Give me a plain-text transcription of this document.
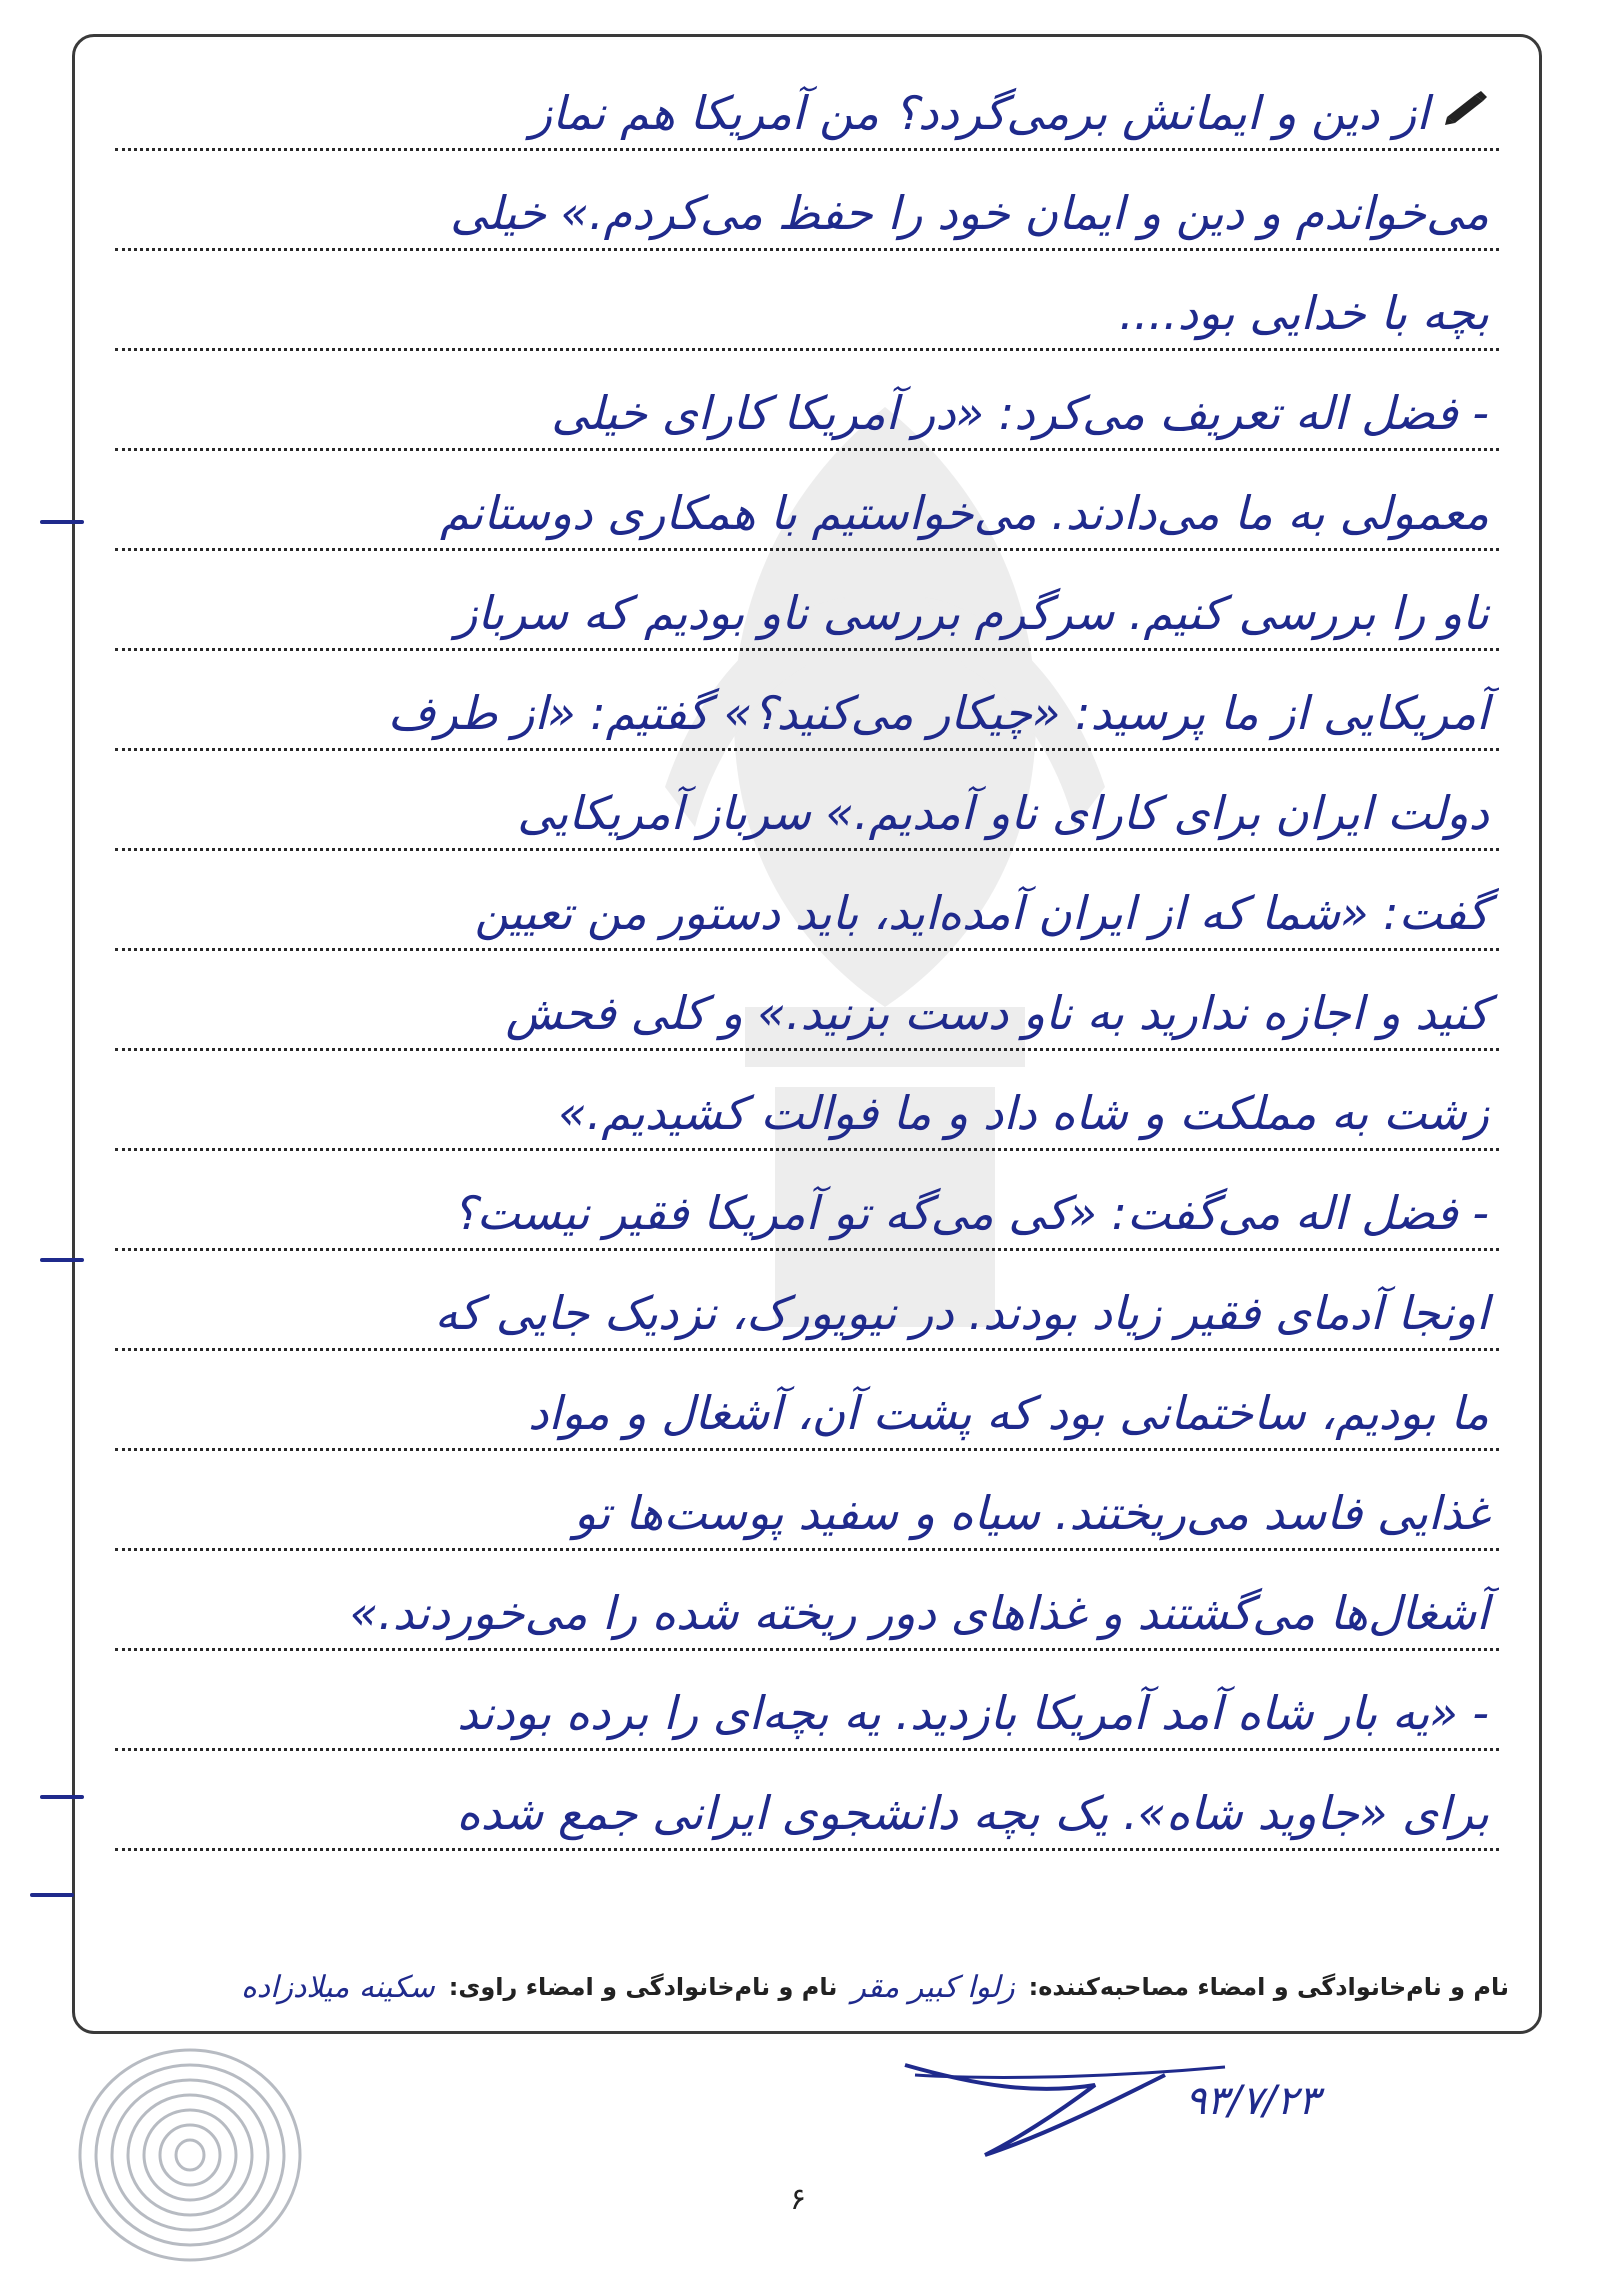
از دین و ایمانش برمی‌گردد؟ من آمریکا هم نماز
می‌خواندم و دین و ایمان خود را حفظ می‌کردم.» خیلی
بچه با خدایی بود....
- فضل اله تعریف می‌کرد: «در آمریکا کارای خیلی
معمولی به ما می‌دادند. می‌خواستیم با همکاری دوستانم
ناو را بررسی کنیم. سرگرم بررسی ناو بودیم که سرباز
آمریکایی از ما پرسید: «چیکار می‌کنید؟» گفتیم: «از طرف
دولت ایران برای کارای ناو آمدیم.» سرباز آمریکایی
گفت: «شما که از ایران آمده‌اید، باید دستور من تعیین
کنید و اجازه ندارید به ناو دست بزنید.» و کلی فحش
زشت به مملکت و شاه داد و ما فوالت کشیدیم.»
- فضل اله می‌گفت: «کی می‌گه تو آمریکا فقیر نیست؟
اونجا آدمای فقیر زیاد بودند. در نیویورک، نزدیک جایی که
ما بودیم، ساختمانی بود که پشت آن، آشغال و مواد
غذایی فاسد می‌ریختند. سیاه و سفید پوست‌ها تو
آشغال‌ها می‌گشتند و غذاهای دور ریخته شده را می‌خوردند.»
- «یه بار شاه آمد آمریکا بازدید. یه بچه‌ای را برده بودند
برای «جاوید شاه». یک بچه دانشجوی ایرانی جمع شده
نام و نام‌خانوادگی و امضاء مصاحبه‌کننده:
زلوا کبیر مقر
نام و نام‌خانوادگی و امضاء راوی:
سکینه میلادزاده
۹۳/۷/۲۳
۶
